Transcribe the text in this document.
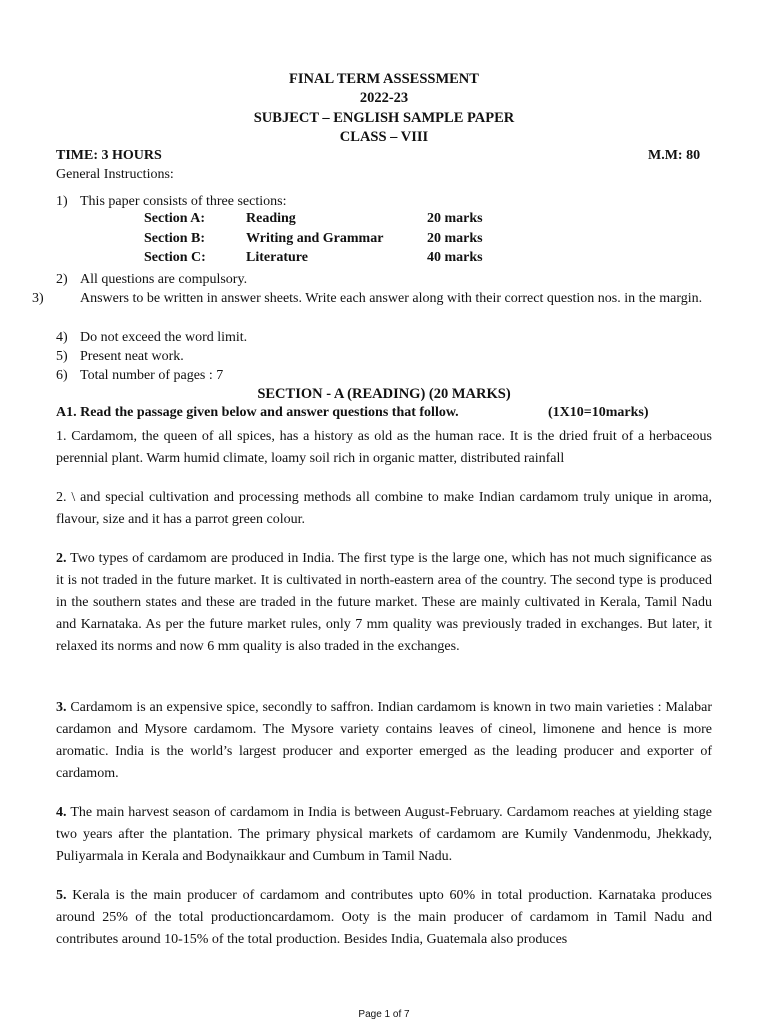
FINAL TERM ASSESSMENT
2022-23
SUBJECT – ENGLISH SAMPLE PAPER
CLASS – VIII
TIME: 3 HOURS	M.M: 80
General Instructions:
1) This paper consists of three sections:
Section A:	Reading	20 marks
Section B:	Writing and Grammar	20 marks
Section C:	Literature	40 marks
2) All questions are compulsory.
3)	Answers to be written in answer sheets. Write each answer along with their correct question nos. in the margin.
4) Do not exceed the word limit.
5) Present neat work.
6) Total number of pages : 7
SECTION - A (READING) (20 MARKS)
A1. Read the passage given below and answer questions that follow.	(1X10=10marks)
1. Cardamom, the queen of all spices, has a history as old as the human race. It is the dried fruit of a herbaceous perennial plant. Warm humid climate, loamy soil rich in organic matter, distributed rainfall
2. \ and special cultivation and processing methods all combine to make Indian cardamom truly unique in aroma, flavour, size and it has a parrot green colour.
2. Two types of cardamom are produced in India. The first type is the large one, which has not much significance as it is not traded in the future market. It is cultivated in north-eastern area of the country. The second type is produced in the southern states and these are traded in the future market. These are mainly cultivated in Kerala, Tamil Nadu and Karnataka. As per the future market rules, only 7 mm quality was previously traded in exchanges. But later, it relaxed its norms and now 6 mm quality is also traded in the exchanges.
3. Cardamom is an expensive spice, secondly to saffron. Indian cardamom is known in two main varieties : Malabar cardamon and Mysore cardamom. The Mysore variety contains leaves of cineol, limonene and hence is more aromatic. India is the world’s largest producer and exporter emerged as the leading producer and exporter of cardamom.
4. The main harvest season of cardamom in India is between August-February. Cardamom reaches at yielding stage two years after the plantation. The primary physical markets of cardamom are Kumily Vandenmodu, Jhekkady, Puliyarmala in Kerala and Bodynaikkaur and Cumbum in Tamil Nadu.
5. Kerala is the main producer of cardamom and contributes upto 60% in total production. Karnataka produces around 25% of the total productioncardamom. Ooty is the main producer of cardamom in Tamil Nadu and contributes around 10-15% of the total production. Besides India, Guatemala also produces
Page 1 of 7
